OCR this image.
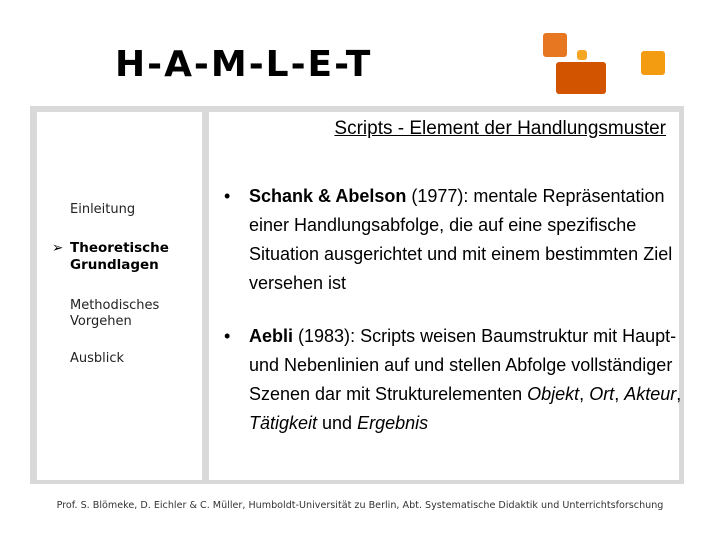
H-A-M-L-E-T
Einleitung
➢ Theoretische
Grundlagen
Methodisches
Vorgehen
Ausblick
Scripts - Element der Handlungsmuster
• Schank & Abelson (1977): mentale Repräsentation einer Handlungsabfolge, die auf eine spezifische Situation ausgerichtet und mit einem bestimmten Ziel versehen ist
• Aebli (1983): Scripts weisen Baumstruktur mit Haupt- und Nebenlinien auf und stellen Abfolge vollständiger Szenen dar mit Strukturelementen Objekt, Ort, Akteur, Tätigkeit und Ergebnis
Prof. S. Blömeke, D. Eichler & C. Müller, Humboldt-Universität zu Berlin, Abt. Systematische Didaktik und Unterrichtsforschung
